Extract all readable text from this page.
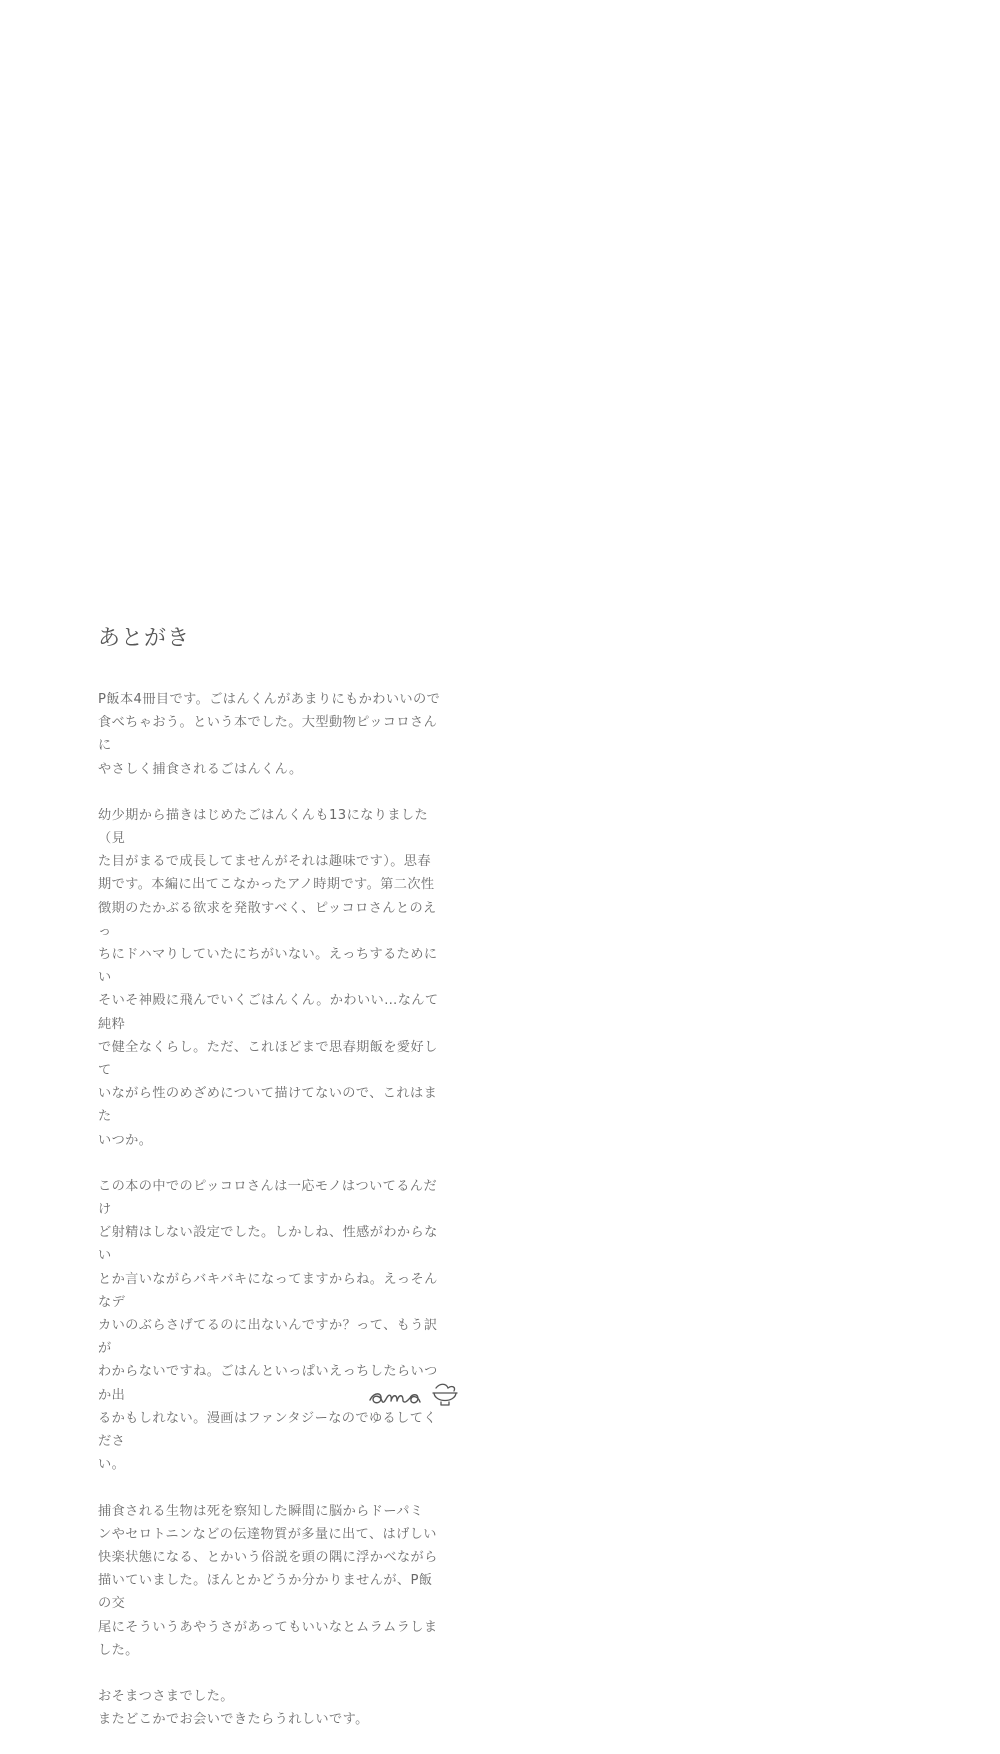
あとがき

P飯本4冊目です。ごはんくんがあまりにもかわいいので
食べちゃおう。という本でした。大型動物ピッコロさんに
やさしく捕食されるごはんくん。

幼少期から描きはじめたごはんくんも13になりました（見
た目がまるで成長してませんがそれは趣味です）。思春
期です。本編に出てこなかったアノ時期です。第二次性
徴期のたかぶる欲求を発散すべく、ピッコロさんとのえっ
ちにドハマりしていたにちがいない。えっちするためにい
そいそ神殿に飛んでいくごはんくん。かわいい…なんて純粋
で健全なくらし。ただ、これほどまで思春期飯を愛好して
いながら性のめざめについて描けてないので、これはまた
いつか。

この本の中でのピッコロさんは一応モノはついてるんだけ
ど射精はしない設定でした。しかしね、性感がわからない
とか言いながらバキバキになってますからね。えっそんなデ
カいのぶらさげてるのに出ないんですか？って、もう訳が
わからないですね。ごはんといっぱいえっちしたらいつか出
るかもしれない。漫画はファンタジーなのでゆるしてくださ
い。

捕食される生物は死を察知した瞬間に脳からドーパミ
ンやセロトニンなどの伝達物質が多量に出て、はげしい
快楽状態になる、とかいう俗説を頭の隅に浮かべながら
描いていました。ほんとかどうか分かりませんが、P飯の交
尾にそういうあやうさがあってもいいなとムラムラしました。

おそまつさまでした。
またどこかでお会いできたらうれしいです。
